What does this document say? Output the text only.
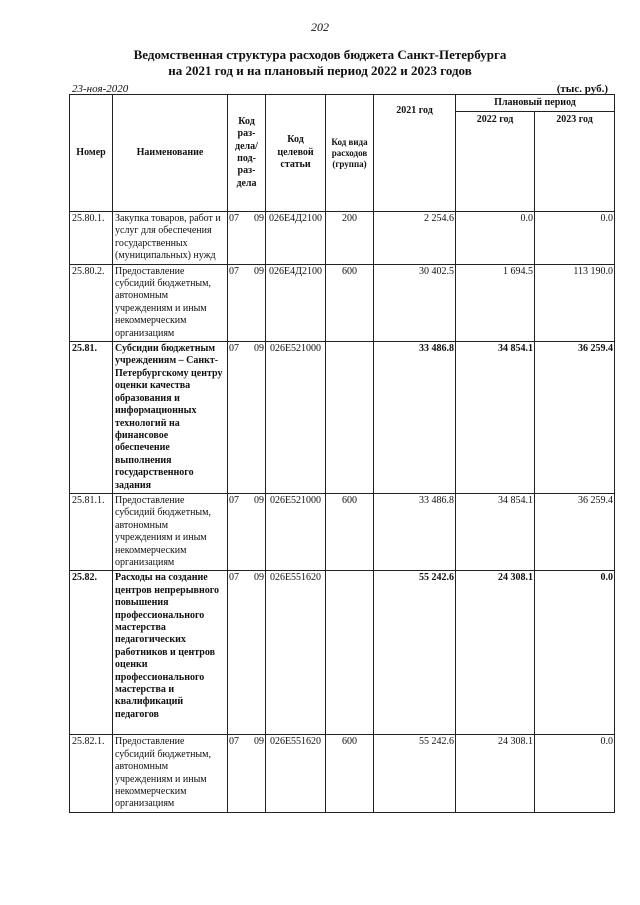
202
Ведомственная структура расходов бюджета Санкт-Петербурга
на 2021 год и на плановый период 2022 и 2023 годов
23-ноя-2020	(тыс. руб.)
Номер	Наименование	Код раз-дела/ под-раз-дела	Код целевой статьи	Код вида расходов (группа)	2021 год	Плановый период	
						2022 год	2023 год
25.80.1.	Закупка товаров, работ и услуг для обеспечения государственных (муниципальных) нужд	07 09	026Е4Д2100	200	2 254.6	0.0	0.0
25.80.2.	Предоставление субсидий бюджетным, автономным учреждениям и иным некоммерческим организациям	07 09	026Е4Д2100	600	30 402.5	1 694.5	113 190.0
25.81.	Субсидии бюджетным учреждениям – Санкт-Петербургскому центру оценки качества образования и информационных технологий на финансовое обеспечение выполнения государственного задания	07 09	026Е521000		33 486.8	34 854.1	36 259.4
25.81.1.	Предоставление субсидий бюджетным, автономным учреждениям и иным некоммерческим организациям	07 09	026Е521000	600	33 486.8	34 854.1	36 259.4
25.82.	Расходы на создание центров непрерывного повышения профессионального мастерства педагогических работников и центров оценки профессионального мастерства и квалификаций педагогов	07 09	026Е551620		55 242.6	24 308.1	0.0
25.82.1.	Предоставление субсидий бюджетным, автономным учреждениям и иным некоммерческим организациям	07 09	026Е551620	600	55 242.6	24 308.1	0.0
